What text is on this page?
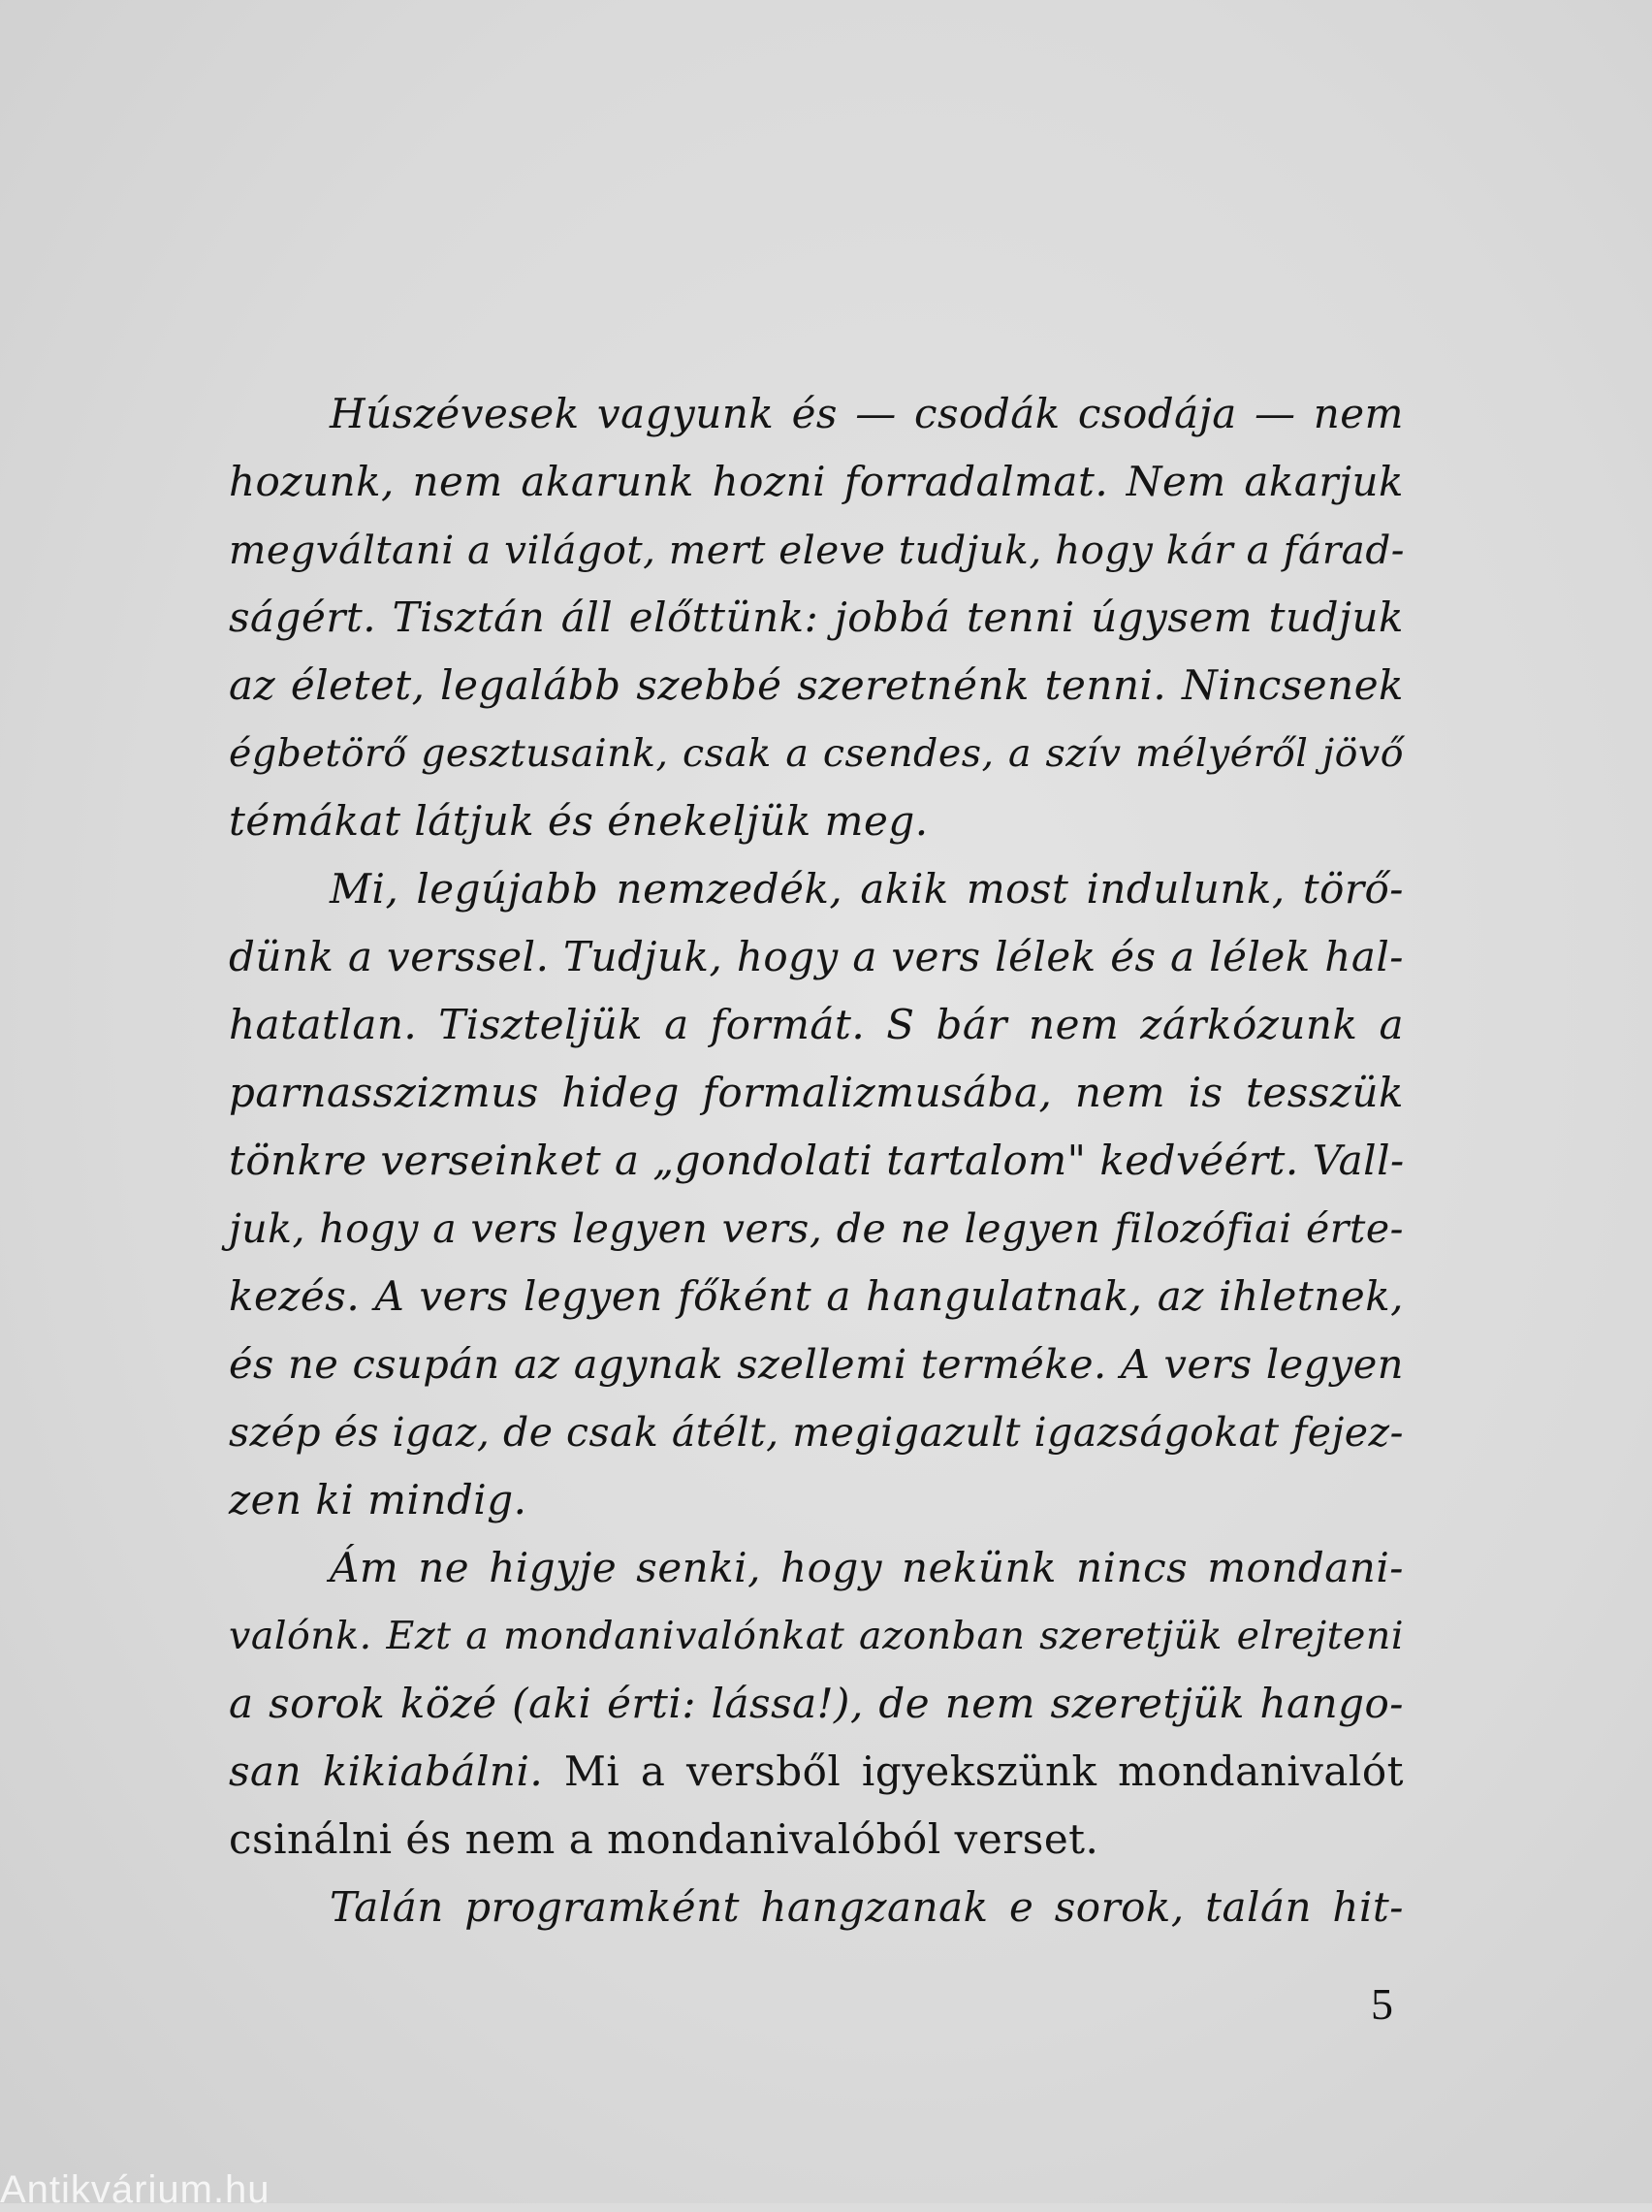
Húszévesek vagyunk és — csodák csodája — nem
hozunk, nem akarunk hozni forradalmat. Nem akarjuk
megváltani a világot, mert eleve tudjuk, hogy kár a fárad-
ságért. Tisztán áll előttünk: jobbá tenni úgysem tudjuk
az életet, legalább szebbé szeretnénk tenni. Nincsenek
égbetörő gesztusaink, csak a csendes, a szív mélyéről jövő
témákat látjuk és énekeljük meg.
Mi, legújabb nemzedék, akik most indulunk, törő-
dünk a verssel. Tudjuk, hogy a vers lélek és a lélek hal-
hatatlan. Tiszteljük a formát. S bár nem zárkózunk a
parnasszizmus hideg formalizmusába, nem is tesszük
tönkre verseinket a „gondolati tartalom" kedvéért. Vall-
juk, hogy a vers legyen vers, de ne legyen filozófiai érte-
kezés. A vers legyen főként a hangulatnak, az ihletnek,
és ne csupán az agynak szellemi terméke. A vers legyen
szép és igaz, de csak átélt, megigazult igazságokat fejez-
zen ki mindig.
Ám ne higyje senki, hogy nekünk nincs mondani-
valónk. Ezt a mondanivalónkat azonban szeretjük elrejteni
a sorok közé (aki érti: lássa!), de nem szeretjük hango-
san kikiabálni. Mi a versből igyekszünk mondanivalót
csinálni és nem a mondanivalóból verset.
Talán programként hangzanak e sorok, talán hit-
5
Antikvárium.hu
